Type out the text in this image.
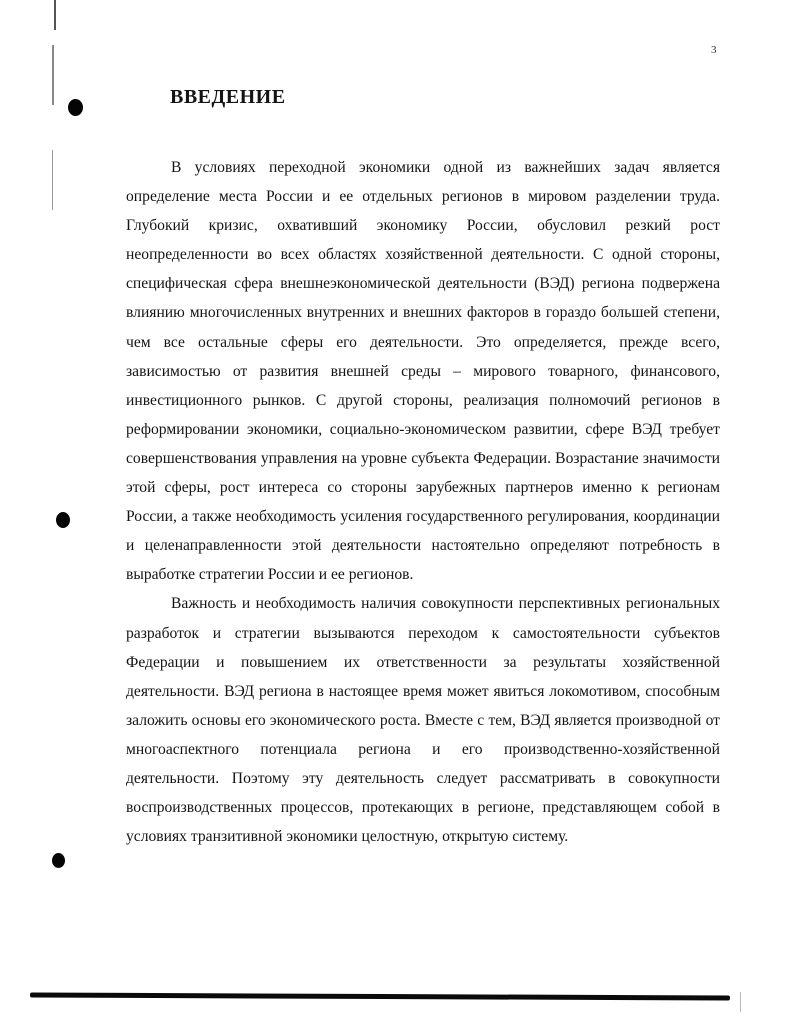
3
ВВЕДЕНИЕ

В условиях переходной экономики одной из важнейших задач является определение места России и ее отдельных регионов в мировом разделении труда. Глубокий кризис, охвативший экономику России, обусловил резкий рост неопределенности во всех областях хозяйственной деятельности. С одной стороны, специфическая сфера внешнеэкономической деятельности (ВЭД) региона подвержена влиянию многочисленных внутренних и внешних факторов в гораздо большей степени, чем все остальные сферы его деятельности. Это определяется, прежде всего, зависимостью от развития внешней среды – мирового товарного, финансового, инвестиционного рынков. С другой стороны, реализация полномочий регионов в реформировании экономики, социально-экономическом развитии, сфере ВЭД требует совершенствования управления на уровне субъекта Федерации. Возрастание значимости этой сферы, рост интереса со стороны зарубежных партнеров именно к регионам России, а также необходимость усиления государственного регулирования, координации и целенаправленности этой деятельности настоятельно определяют потребность в выработке стратегии России и ее регионов.

Важность и необходимость наличия совокупности перспективных региональных разработок и стратегии вызываются переходом к самостоятельности субъектов Федерации и повышением их ответственности за результаты хозяйственной деятельности. ВЭД региона в настоящее время может явиться локомотивом, способным заложить основы его экономического роста. Вместе с тем, ВЭД является производной от многоаспектного потенциала региона и его производственно-хозяйственной деятельности. Поэтому эту деятельность следует рассматривать в совокупности воспроизводственных процессов, протекающих в регионе, представляющем собой в условиях транзитивной экономики целостную, открытую систему.
